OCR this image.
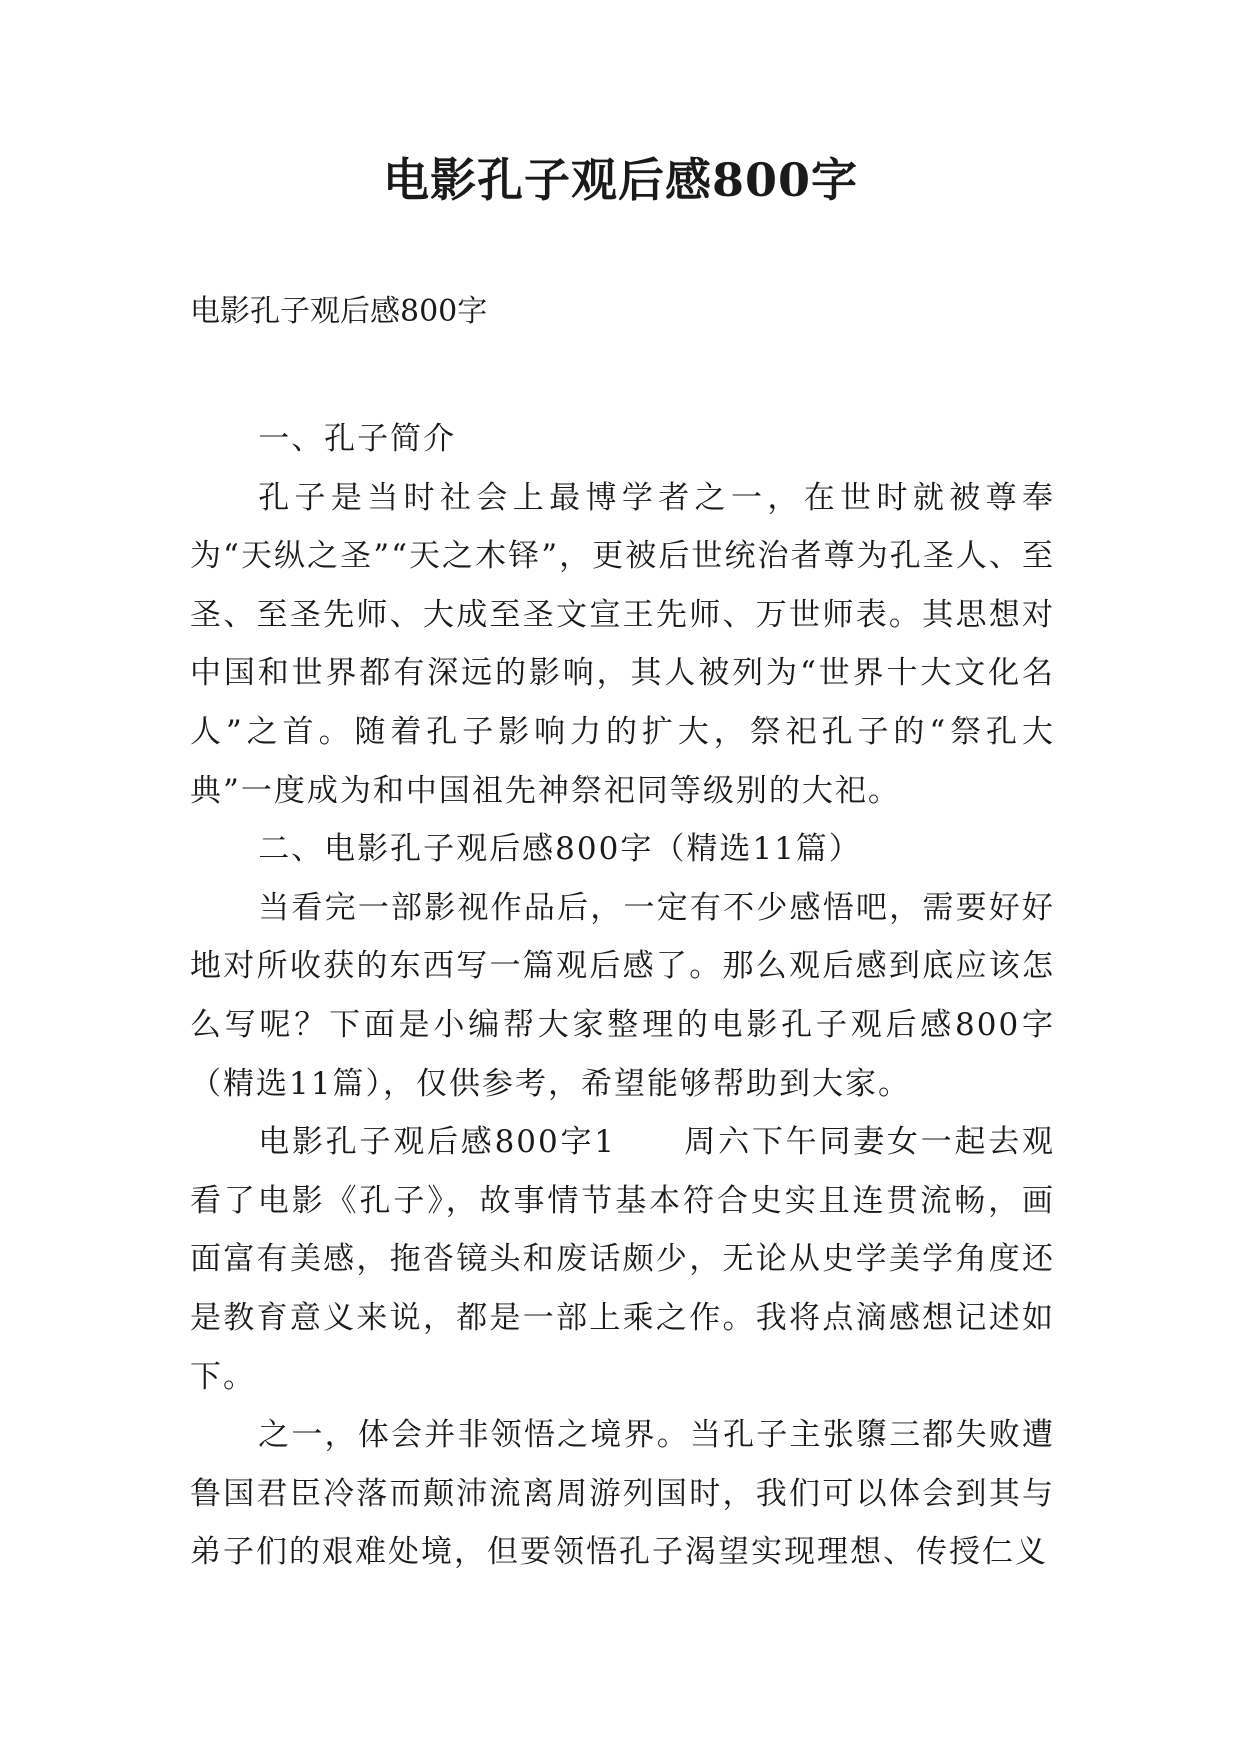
电影孔子观后感800字
电影孔子观后感800字

一、孔子简介

孔子是当时社会上最博学者之一，在世时就被尊奉为“天纵之圣”“天之木铎”，更被后世统治者尊为孔圣人、至圣、至圣先师、大成至圣文宣王先师、万世师表。其思想对中国和世界都有深远的影响，其人被列为“世界十大文化名人”之首。随着孔子影响力的扩大，祭祀孔子的“祭孔大典”一度成为和中国祖先神祭祀同等级别的大祀。

二、电影孔子观后感800字（精选11篇）

当看完一部影视作品后，一定有不少感悟吧，需要好好地对所收获的东西写一篇观后感了。那么观后感到底应该怎么写呢？下面是小编帮大家整理的电影孔子观后感800字（精选11篇），仅供参考，希望能够帮助到大家。

电影孔子观后感800字1　　周六下午同妻女一起去观看了电影《孔子》，故事情节基本符合史实且连贯流畅，画面富有美感，拖沓镜头和废话颇少，无论从史学美学角度还是教育意义来说，都是一部上乘之作。我将点滴感想记述如下。

之一，体会并非领悟之境界。当孔子主张隳三都失败遭鲁国君臣冷落而颠沛流离周游列国时，我们可以体会到其与弟子们的艰难处境，但要领悟孔子渴望实现理想、传授仁义
